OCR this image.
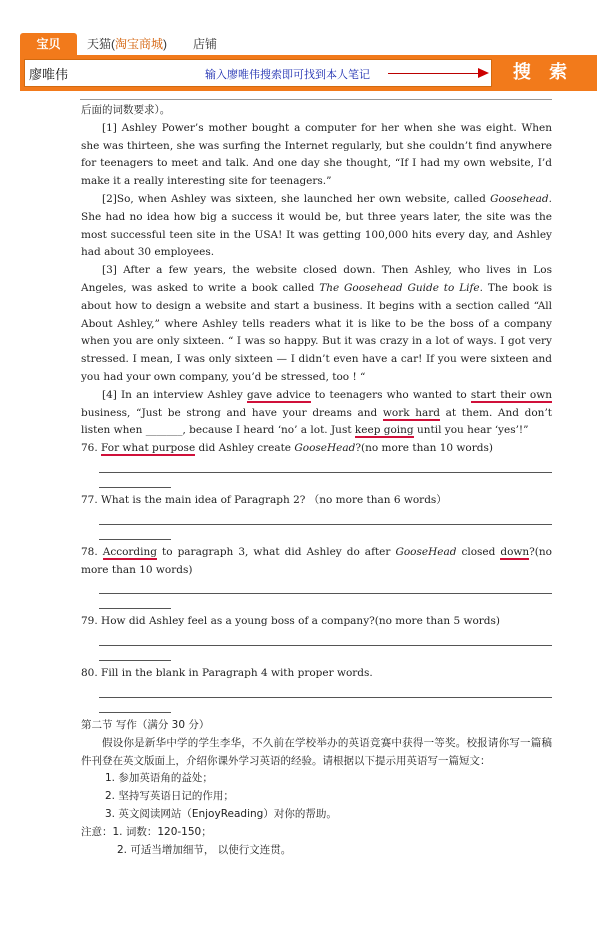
宝贝	天猫(淘宝商城) 店铺
廖唯伟	输入廖唯伟搜索即可找到本人笔记	搜 索

后面的词数要求）。

[1] Ashley Power’s mother bought a computer for her when she was eight. When she was thirteen, she was surfing the Internet regularly, but she couldn’t find anywhere for teenagers to meet and talk. And one day she thought, “If I had my own website, I’d make it a really interesting site for teenagers.”

[2]So, when Ashley was sixteen, she launched her own website, called Goosehead. She had no idea how big a success it would be, but three years later, the site was the most successful teen site in the USA! It was getting 100,000 hits every day, and Ashley had about 30 employees.

[3] After a few years, the website closed down. Then Ashley, who lives in Los Angeles, was asked to write a book called The Goosehead Guide to Life. The book is about how to design a website and start a business. It begins with a section called “All About Ashley,” where Ashley tells readers what it is like to be the boss of a company when you are only sixteen. “ I was so happy. But it was crazy in a lot of ways. I got very stressed. I mean, I was only sixteen — I didn’t even have a car! If you were sixteen and you had your own company, you’d be stressed, too ! “

[4] In an interview Ashley gave advice to teenagers who wanted to start their own business, “Just be strong and have your dreams and work hard at them. And don’t listen when _______, because I heard ‘no’ a lot. Just keep going until you hear ‘yes’!”

76. For what purpose did Ashley create GooseHead?(no more than 10 words)

77. What is the main idea of Paragraph 2? （no more than 6 words）

78. According to paragraph 3, what did Ashley do after GooseHead closed down?(no more than 10 words)

79. How did Ashley feel as a young boss of a company?(no more than 5 words)

80. Fill in the blank in Paragraph 4 with proper words.

第二节 写作（满分 30 分）

假设你是新华中学的学生李华，不久前在学校举办的英语竞赛中获得一等奖。校报请你写一篇稿件刊登在英文版面上，介绍你课外学习英语的经验。请根据以下提示用英语写一篇短文：

1. 参加英语角的益处；

2. 坚持写英语日记的作用；

3. 英文阅读网站（EnjoyReading）对你的帮助。

注意：1. 词数：120-150；

2. 可适当增加细节， 以使行文连贯。
